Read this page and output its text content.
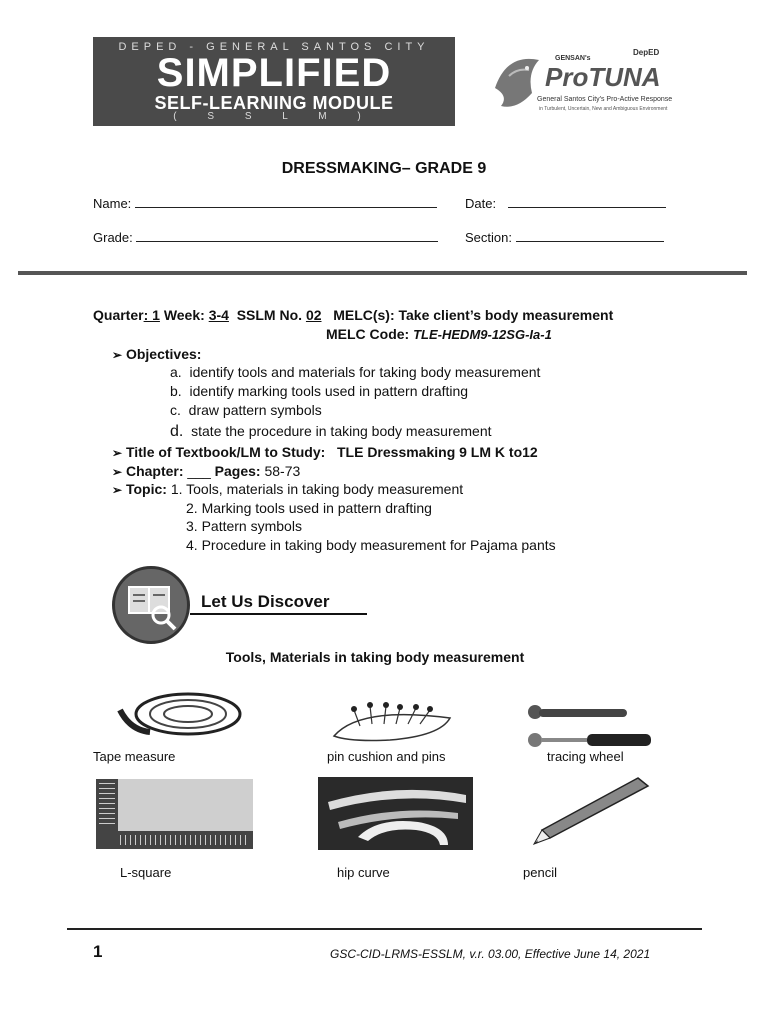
DEPED - GENERAL SANTOS CITY
SIMPLIFIED
SELF-LEARNING MODULE
( S S L M )
GENSAN's
DepED
ProTUNA
General Santos City's Pro-Active Response
in Turbulent, Uncertain, New and Ambiguous Environment
DRESSMAKING– GRADE 9
Name:	Date:
Grade:	Section:
Quarter: 1 Week: 3-4 SSLM No. 02 MELC(s): Take client’s body measurement
MELC Code: TLE-HEDM9-12SG-Ia-1
➢ Objectives:
a. identify tools and materials for taking body measurement
b. identify marking tools used in pattern drafting
c. draw pattern symbols
d. state the procedure in taking body measurement
➢ Title of Textbook/LM to Study: TLE Dressmaking 9 LM K to12
➢ Chapter: ___ Pages: 58-73
➢ Topic: 1. Tools, materials in taking body measurement
2. Marking tools used in pattern drafting
3. Pattern symbols
4. Procedure in taking body measurement for Pajama pants
Let Us Discover
Tools, Materials in taking body measurement
Tape measure	pin cushion and pins	tracing wheel
L-square	hip curve	pencil
1	GSC-CID-LRMS-ESSLM, v.r. 03.00, Effective June 14, 2021
